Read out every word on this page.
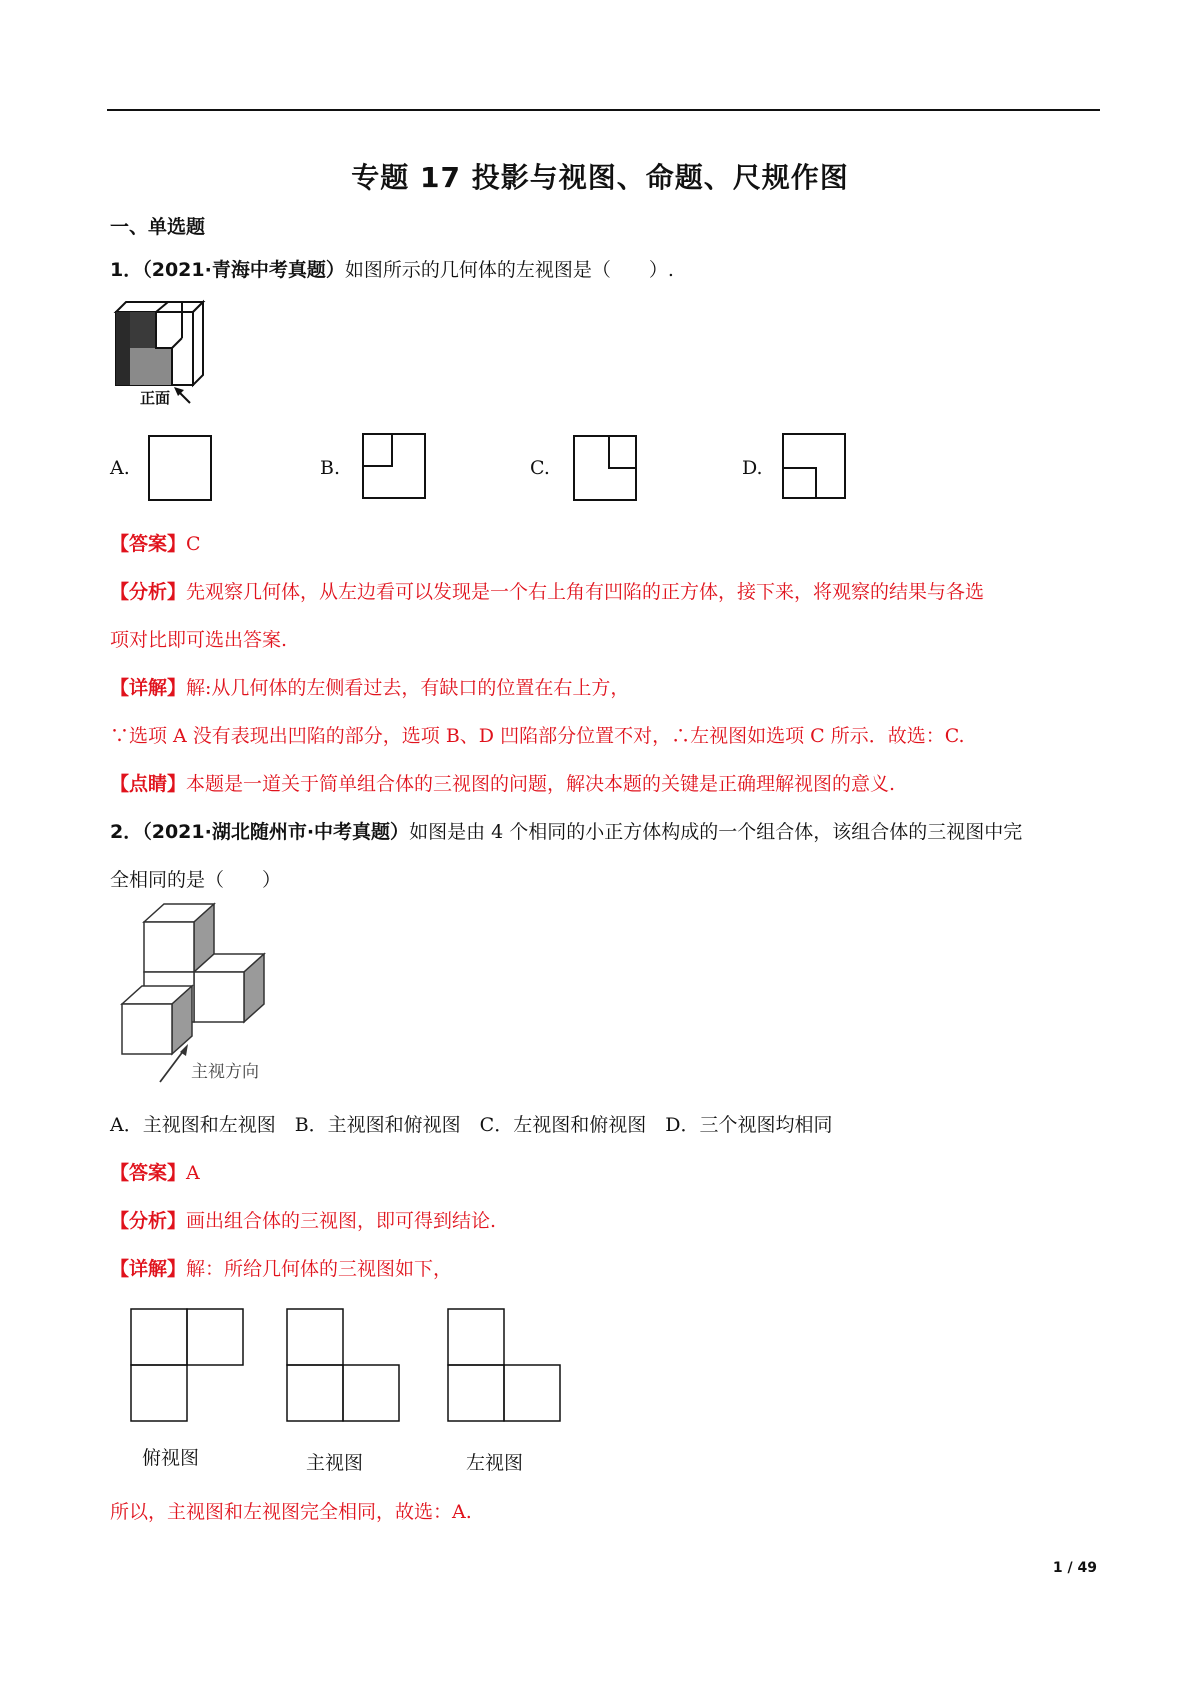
专题 17 投影与视图、命题、尺规作图
一、单选题
1．（2021·青海中考真题）如图所示的几何体的左视图是（　　）.
正面
A.	B.	C.	D.
【答案】C
【分析】先观察几何体，从左边看可以发现是一个右上角有凹陷的正方体，接下来，将观察的结果与各选
项对比即可选出答案.
【详解】解:从几何体的左侧看过去，有缺口的位置在右上方，
∵选项 A 没有表现出凹陷的部分，选项 B、D 凹陷部分位置不对，∴左视图如选项 C 所示．故选：C.
【点睛】本题是一道关于简单组合体的三视图的问题，解决本题的关键是正确理解视图的意义.
2．（2021·湖北随州市·中考真题）如图是由 4 个相同的小正方体构成的一个组合体，该组合体的三视图中完
全相同的是（　　）
主视方向
A．主视图和左视图　B．主视图和俯视图　C．左视图和俯视图　D．三个视图均相同
【答案】A
【分析】画出组合体的三视图，即可得到结论.
【详解】解：所给几何体的三视图如下，
俯视图	主视图	左视图
所以，主视图和左视图完全相同，故选：A.
1 / 49
